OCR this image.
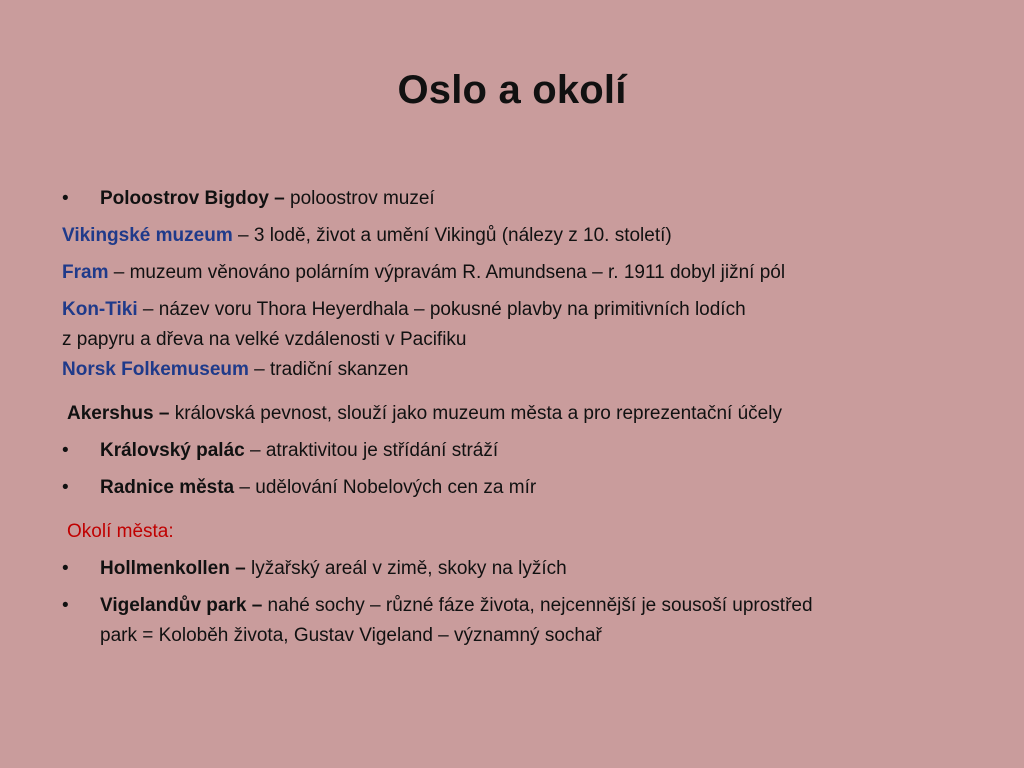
Oslo a okolí
•	Poloostrov Bigdoy – poloostrov muzeí
Vikingské muzeum – 3 lodě, život a umění Vikingů (nálezy z 10. století)
Fram – muzeum věnováno polárním výpravám R. Amundsena – r. 1911 dobyl jižní pól
Kon-Tiki – název voru Thora Heyerdhala – pokusné plavby na primitivních lodích
z papyru a dřeva na velké vzdálenosti v Pacifiku
Norsk Folkemuseum – tradiční skanzen
Akershus – královská pevnost, slouží jako muzeum města a pro reprezentační účely
•	Královský palác – atraktivitou je střídání stráží
•	Radnice města – udělování Nobelových cen za mír
Okolí města:
•	Hollmenkollen – lyžařský areál v zimě, skoky na lyžích
•	Vigelandův park – nahé sochy – různé fáze života, nejcennější je sousoší uprostřed
park = Koloběh života, Gustav Vigeland – významný sochař
